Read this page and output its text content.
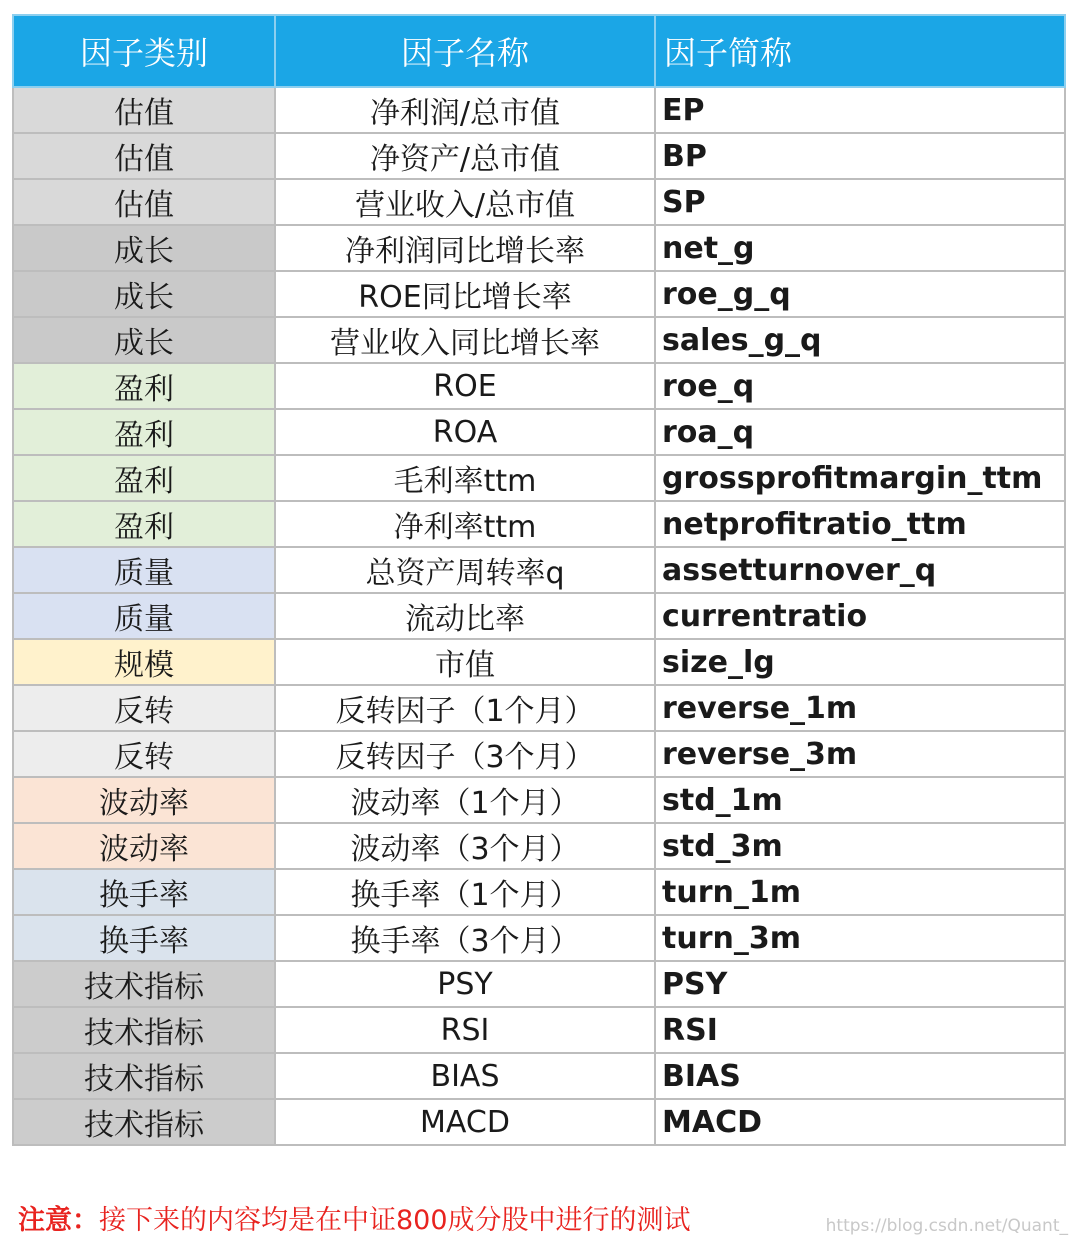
因子类别	因子名称	因子简称
估值	净利润/总市值	EP
估值	净资产/总市值	BP
估值	营业收入/总市值	SP
成长	净利润同比增长率	net_g
成长	ROE同比增长率	roe_g_q
成长	营业收入同比增长率	sales_g_q
盈利	ROE	roe_q
盈利	ROA	roa_q
盈利	毛利率ttm	grossprofitmargin_ttm
盈利	净利率ttm	netprofitratio_ttm
质量	总资产周转率q	assetturnover_q
质量	流动比率	currentratio
规模	市值	size_lg
反转	反转因子（1个月）	reverse_1m
反转	反转因子（3个月）	reverse_3m
波动率	波动率（1个月）	std_1m
波动率	波动率（3个月）	std_3m
换手率	换手率（1个月）	turn_1m
换手率	换手率（3个月）	turn_3m
技术指标	PSY	PSY
技术指标	RSI	RSI
技术指标	BIAS	BIAS
技术指标	MACD	MACD
注意：接下来的内容均是在中证800成分股中进行的测试	https://blog.csdn.net/Quant_
